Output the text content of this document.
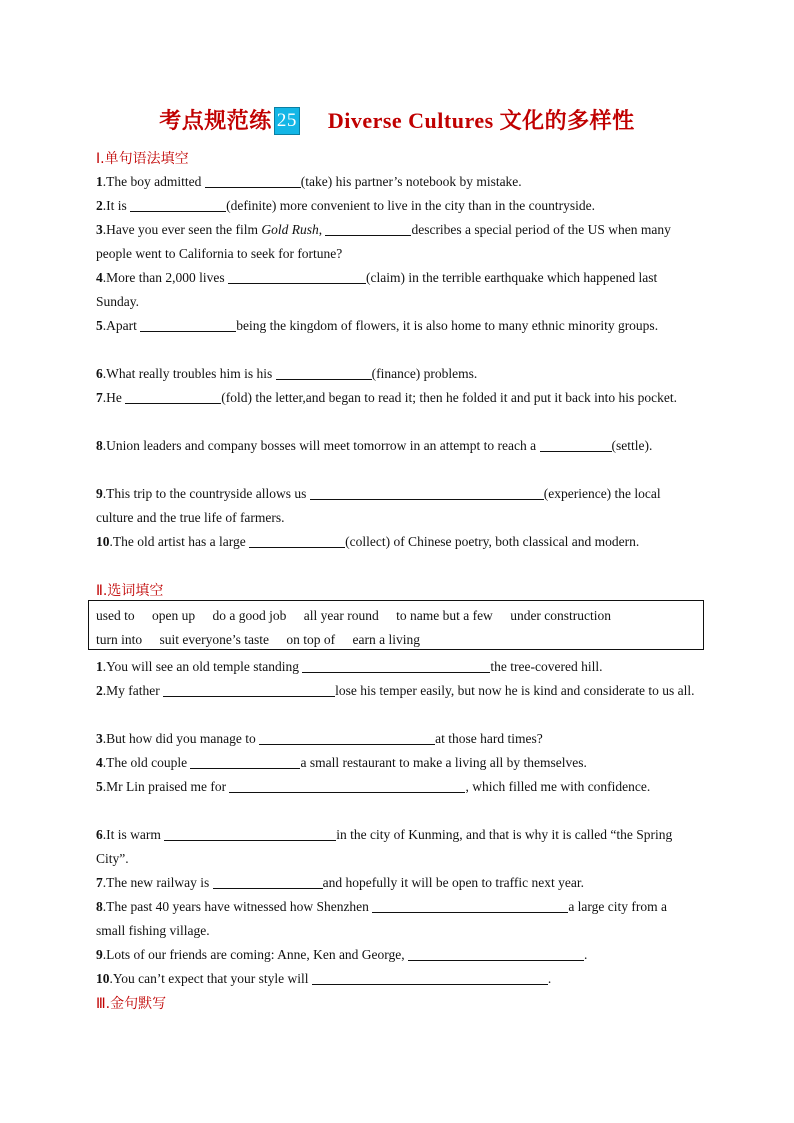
考点规范练 25 Diverse Cultures 文化的多样性
Ⅰ.单句语法填空
1.The boy admitted	(take) his partner’s notebook by mistake.
2.It is	(definite) more convenient to live in the city than in the countryside.
3.Have you ever seen the film Gold Rush,	describes a special period of the US when many people went to California to seek for fortune?
4.More than 2,000 lives	(claim) in the terrible earthquake which happened last Sunday.
5.Apart	being the kingdom of flowers, it is also home to many ethnic minority groups.
6.What really troubles him is his	(finance) problems.
7.He	(fold) the letter,and began to read it; then he folded it and put it back into his pocket.
8.Union leaders and company bosses will meet tomorrow in an attempt to reach a	(settle).
9.This trip to the countryside allows us	(experience) the local culture and the true life of farmers.
10.The old artist has a large	(collect) of Chinese poetry, both classical and modern.
Ⅱ.选词填空
used to open up do a good job all year round to name but a few under construction
turn into suit everyone’s taste on top of earn a living
1.You will see an old temple standing	the tree-covered hill.
2.My father	lose his temper easily, but now he is kind and considerate to us all.
3.But how did you manage to	at those hard times?
4.The old couple	a small restaurant to make a living all by themselves.
5.Mr Lin praised me for	, which filled me with confidence.
6.It is warm	in the city of Kunming, and that is why it is called “the Spring City”.
7.The new railway is	and hopefully it will be open to traffic next year.
8.The past 40 years have witnessed how Shenzhen	a large city from a small fishing village.
9.Lots of our friends are coming: Anne, Ken and George,	.
10.You can’t expect that your style will	.
Ⅲ.金句默写
